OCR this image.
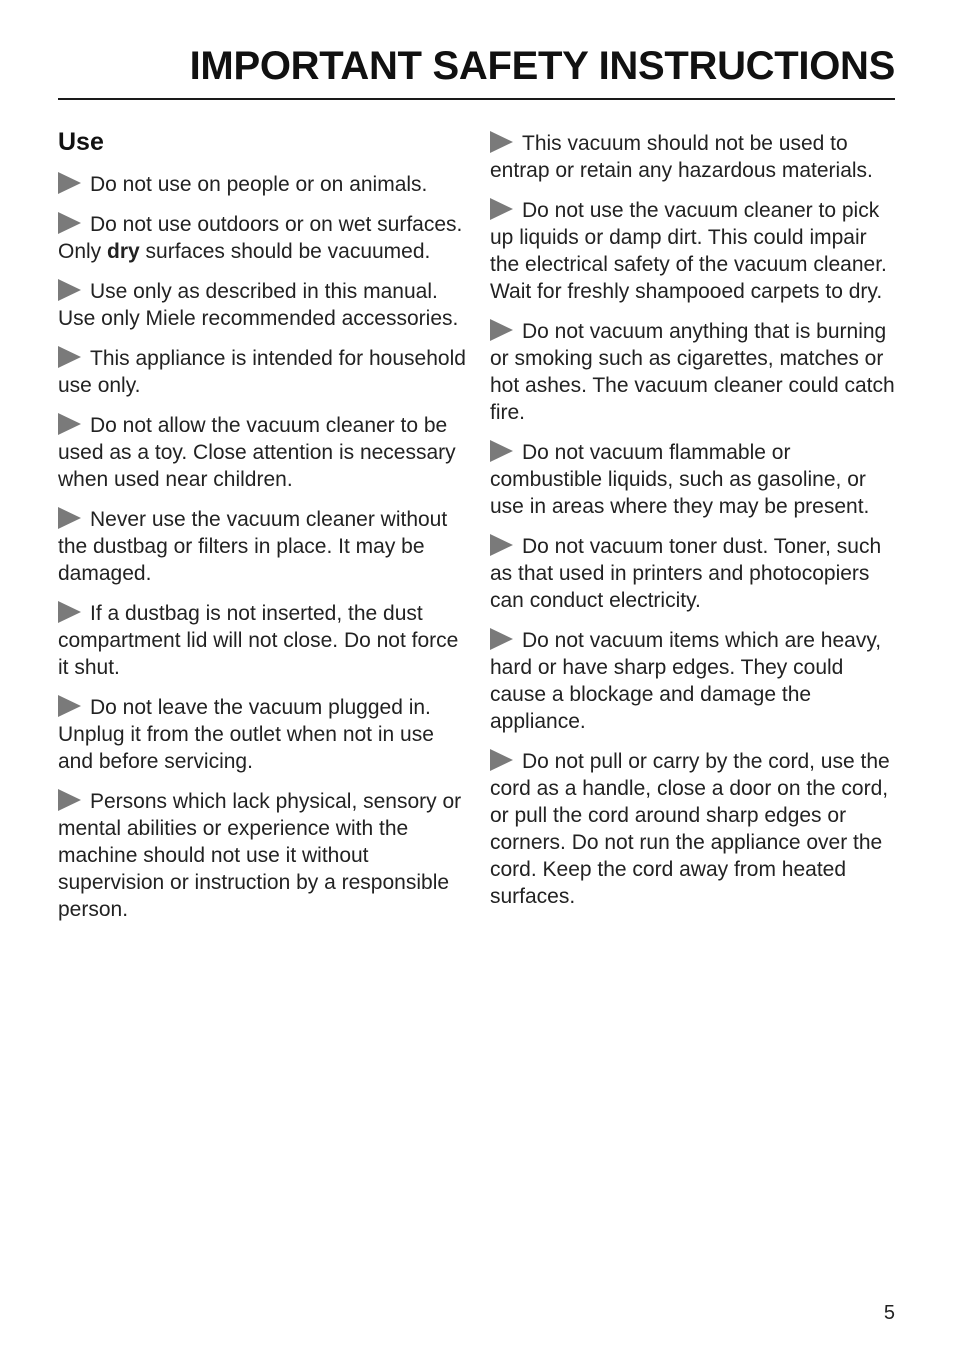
IMPORTANT SAFETY INSTRUCTIONS
Use

Do not use on people or on animals.

Do not use outdoors or on wet surfaces. Only dry surfaces should be vacuumed.

Use only as described in this manual. Use only Miele recommended accessories.

This appliance is intended for household use only.

Do not allow the vacuum cleaner to be used as a toy. Close attention is necessary when used near children.

Never use the vacuum cleaner without the dustbag or filters in place. It may be damaged.

If a dustbag is not inserted, the dust compartment lid will not close. Do not force it shut.

Do not leave the vacuum plugged in. Unplug it from the outlet when not in use and before servicing.

Persons which lack physical, sensory or mental abilities or experience with the machine should not use it without supervision or instruction by a responsible person.

This vacuum should not be used to entrap or retain any hazardous materials.

Do not use the vacuum cleaner to pick up liquids or damp dirt. This could impair the electrical safety of the vacuum cleaner. Wait for freshly shampooed carpets to dry.

Do not vacuum anything that is burning or smoking such as cigarettes, matches or hot ashes. The vacuum cleaner could catch fire.

Do not vacuum flammable or combustible liquids, such as gasoline, or use in areas where they may be present.

Do not vacuum toner dust. Toner, such as that used in printers and photocopiers can conduct electricity.

Do not vacuum items which are heavy, hard or have sharp edges. They could cause a blockage and damage the appliance.

Do not pull or carry by the cord, use the cord as a handle, close a door on the cord, or pull the cord around sharp edges or corners. Do not run the appliance over the cord. Keep the cord away from heated surfaces.

5
